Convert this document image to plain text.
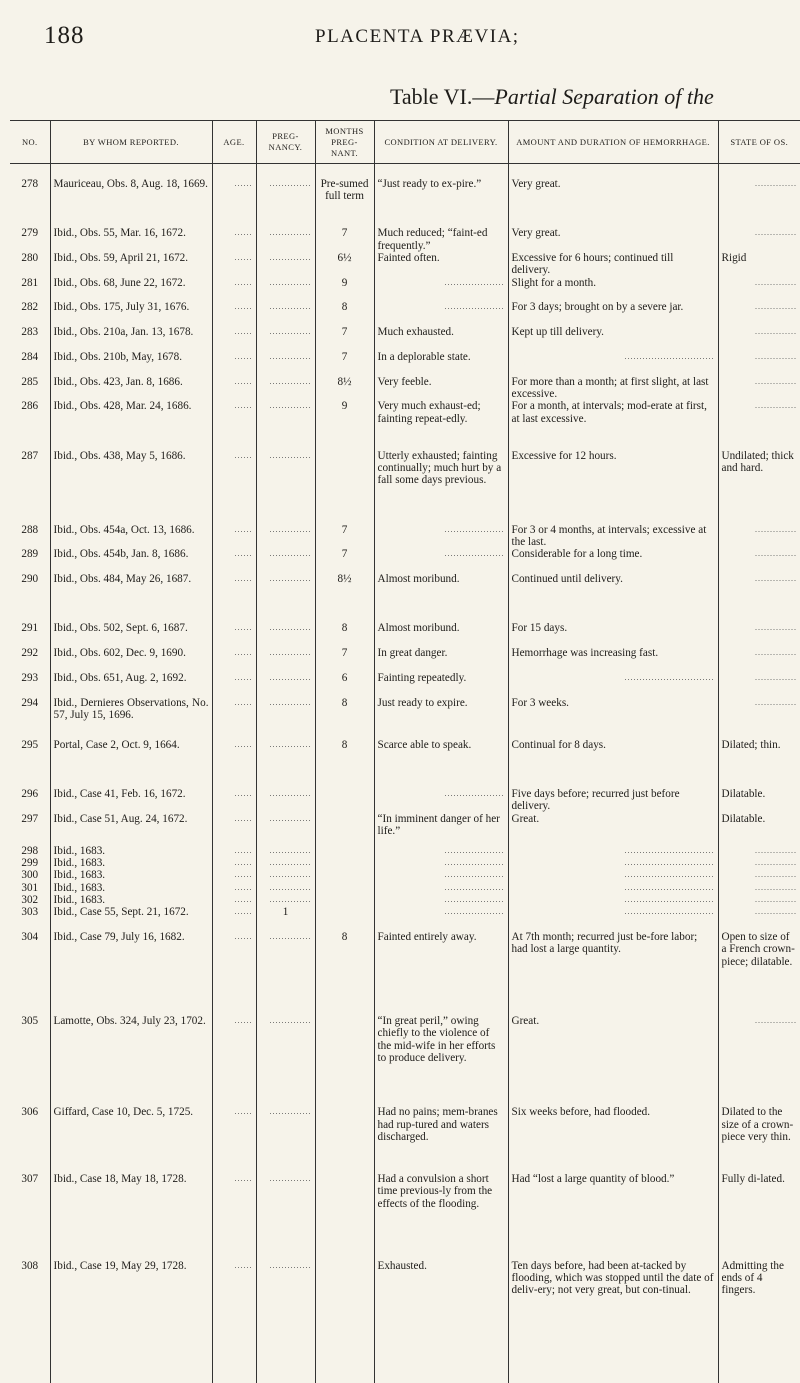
188	PLACENTA PRÆVIA;
Table VI.—Partial Separation of the
NO.	BY WHOM REPORTED.	AGE.	PREG-NANCY.	MONTHS PREG-NANT.	CONDITION AT DELIVERY.	AMOUNT AND DURATION OF HEMORRHAGE.	STATE OF OS.
278	Mauriceau, Obs. 8, Aug. 18, 1669.	......	..............	Pre-sumed full term	“Just ready to ex-pire.”	Very great.	..............
279	Ibid., Obs. 55, Mar. 16, 1672.	......	..............	7	Much reduced; “faint-ed frequently.”	Very great.	..............
280	Ibid., Obs. 59, April 21, 1672.	......	..............	6½	Fainted often.	Excessive for 6 hours; continued till delivery.	Rigid
281	Ibid., Obs. 68, June 22, 1672.	......	..............	9	....................	Slight for a month.	..............
282	Ibid., Obs. 175, July 31, 1676.	......	..............	8	....................	For 3 days; brought on by a severe jar.	..............
283	Ibid., Obs. 210a, Jan. 13, 1678.	......	..............	7	Much exhausted.	Kept up till delivery.	..............
284	Ibid., Obs. 210b, May, 1678.	......	..............	7	In a deplorable state.	..............................	..............
285	Ibid., Obs. 423, Jan. 8, 1686.	......	..............	8½	Very feeble.	For more than a month; at first slight, at last excessive.	..............
286	Ibid., Obs. 428, Mar. 24, 1686.	......	..............	9	Very much exhaust-ed; fainting repeat-edly.	For a month, at intervals; mod-erate at first, at last excessive.	..............
287	Ibid., Obs. 438, May 5, 1686.	......	..............		Utterly exhausted; fainting continually; much hurt by a fall some days previous.	Excessive for 12 hours.	Undilated; thick and hard.
288	Ibid., Obs. 454a, Oct. 13, 1686.	......	..............	7	....................	For 3 or 4 months, at intervals; excessive at the last.	..............
289	Ibid., Obs. 454b, Jan. 8, 1686.	......	..............	7	....................	Considerable for a long time.	..............
290	Ibid., Obs. 484, May 26, 1687.	......	..............	8½	Almost moribund.	Continued until delivery.	..............
291	Ibid., Obs. 502, Sept. 6, 1687.	......	..............	8	Almost moribund.	For 15 days.	..............
292	Ibid., Obs. 602, Dec. 9, 1690.	......	..............	7	In great danger.	Hemorrhage was increasing fast.	..............
293	Ibid., Obs. 651, Aug. 2, 1692.	......	..............	6	Fainting repeatedly.	..............................	..............
294	Ibid., Dernieres Observations, No. 57, July 15, 1696.	......	..............	8	Just ready to expire.	For 3 weeks.	..............
295	Portal, Case 2, Oct. 9, 1664.	......	..............	8	Scarce able to speak.	Continual for 8 days.	Dilated; thin.
296	Ibid., Case 41, Feb. 16, 1672.	......	..............		....................	Five days before; recurred just before delivery.	Dilatable.
297	Ibid., Case 51, Aug. 24, 1672.	......	..............		“In imminent danger of her life.”	Great.	Dilatable.
298	Ibid., 1683.	......	..............		....................	..............................	..............
299	Ibid., 1683.	......	..............		....................	..............................	..............
300	Ibid., 1683.	......	..............		....................	..............................	..............
301	Ibid., 1683.	......	..............		....................	..............................	..............
302	Ibid., 1683.	......	..............		....................	..............................	..............
303	Ibid., Case 55, Sept. 21, 1672.	......	1		....................	..............................	..............
304	Ibid., Case 79, July 16, 1682.	......	..............	8	Fainted entirely away.	At 7th month; recurred just be-fore labor; had lost a large quantity.	Open to size of a French crown-piece; dilatable.
305	Lamotte, Obs. 324, July 23, 1702.	......	..............		“In great peril,” owing chiefly to the violence of the mid-wife in her efforts to produce delivery.	Great.	..............
306	Giffard, Case 10, Dec. 5, 1725.	......	..............		Had no pains; mem-branes had rup-tured and waters discharged.	Six weeks before, had flooded.	Dilated to the size of a crown-piece very thin.
307	Ibid., Case 18, May 18, 1728.	......	..............		Had a convulsion a short time previous-ly from the effects of the flooding.	Had “lost a large quantity of blood.”	Fully di-lated.
308	Ibid., Case 19, May 29, 1728.	......	..............		Exhausted.	Ten days before, had been at-tacked by flooding, which was stopped until the date of deliv-ery; not very great, but con-tinual.	Admitting the ends of 4 fingers.
